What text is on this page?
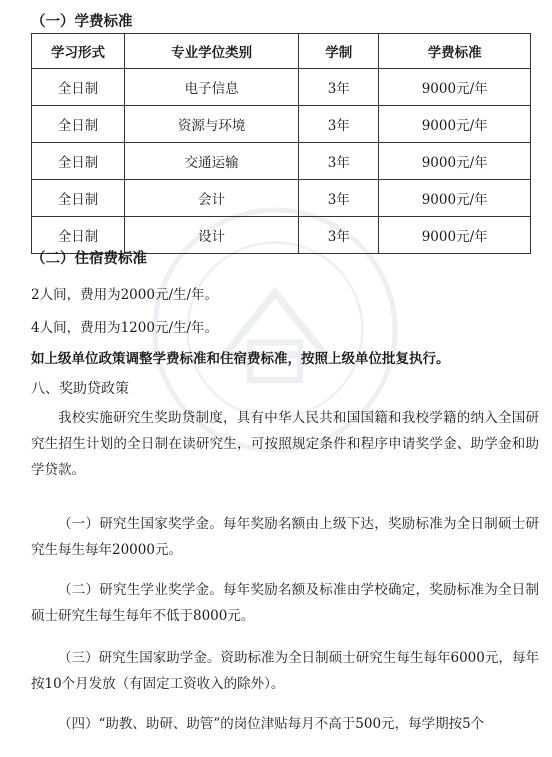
（一）学费标准
学习形式	专业学位类别	学制	学费标准
全日制	电子信息	3年	9000元/年
全日制	资源与环境	3年	9000元/年
全日制	交通运输	3年	9000元/年
全日制	会计	3年	9000元/年
全日制	设计	3年	9000元/年
（二）住宿费标准
2人间，费用为2000元/生/年。
4人间，费用为1200元/生/年。
如上级单位政策调整学费标准和住宿费标准，按照上级单位批复执行。
八、奖助贷政策
我校实施研究生奖助贷制度，具有中华人民共和国国籍和我校学籍的纳入全国研究生招生计划的全日制在读研究生，可按照规定条件和程序申请奖学金、助学金和助学贷款。
（一）研究生国家奖学金。每年奖励名额由上级下达，奖励标准为全日制硕士研究生每生每年20000元。
（二）研究生学业奖学金。每年奖励名额及标准由学校确定，奖励标准为全日制硕士研究生每生每年不低于8000元。
（三）研究生国家助学金。资助标准为全日制硕士研究生每生每年6000元，每年按10个月发放（有固定工资收入的除外）。
（四）“助教、助研、助管”的岗位津贴每月不高于500元，每学期按5个
